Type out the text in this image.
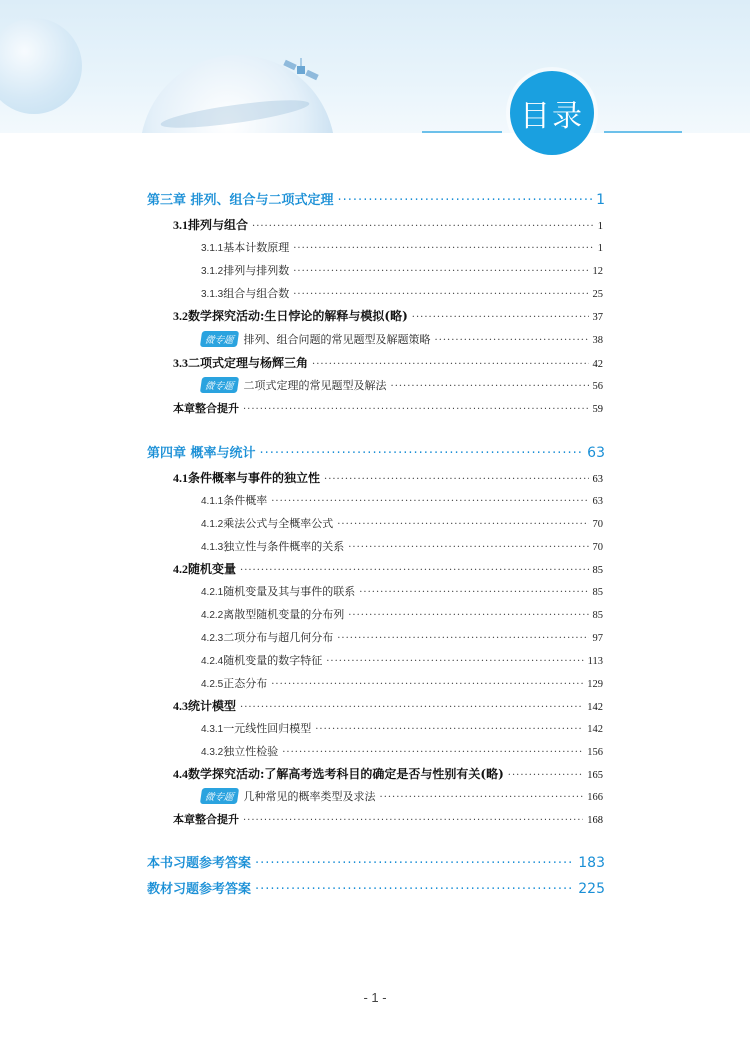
目录
第三章 排列、组合与二项式定理 ·····	1
3.1 排列与组合 ·····	1
3.1.1 基本计数原理 ·····	1
3.1.2 排列与排列数 ·····	12
3.1.3 组合与组合数 ·····	25
3.2 数学探究活动:生日悖论的解释与模拟(略) ·····	37
微专题 排列、组合问题的常见题型及解题策略 ·····	38
3.3 二项式定理与杨辉三角 ·····	42
微专题 二项式定理的常见题型及解法 ·····	56
本章整合提升 ·····	59
第四章 概率与统计 ·····	63
4.1 条件概率与事件的独立性 ·····	63
4.1.1 条件概率 ·····	63
4.1.2 乘法公式与全概率公式 ·····	70
4.1.3 独立性与条件概率的关系 ·····	70
4.2 随机变量 ·····	85
4.2.1 随机变量及其与事件的联系 ·····	85
4.2.2 离散型随机变量的分布列 ·····	85
4.2.3 二项分布与超几何分布 ·····	97
4.2.4 随机变量的数字特征 ·····	113
4.2.5 正态分布 ·····	129
4.3 统计模型 ·····	142
4.3.1 一元线性回归模型 ·····	142
4.3.2 独立性检验 ·····	156
4.4 数学探究活动:了解高考选考科目的确定是否与性别有关(略) ·····	165
微专题 几种常见的概率类型及求法 ·····	166
本章整合提升 ·····	168
本书习题参考答案 ·····	183
教材习题参考答案 ·····	225
- 1 -
